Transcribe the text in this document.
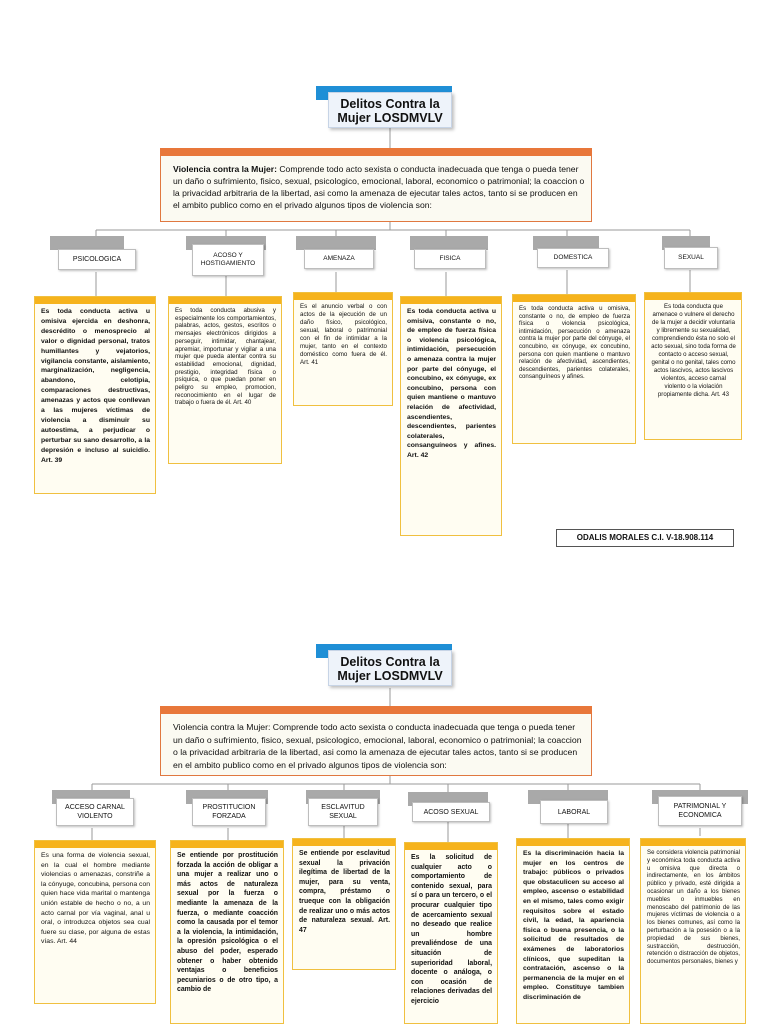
Delitos Contra la Mujer LOSDMVLV
Violencia contra la Mujer: Comprende todo acto sexista o conducta inadecuada que tenga o pueda tener un daño o sufrimiento, fisico, sexual, psicologico, emocional, laboral, economico o patrimonial; la coaccion o la privacidad arbitraria de la libertad, asi como la amenaza de ejecutar tales actos, tanto si se producen en el ambito publico como en el privado algunos tipos de violencia son:
PSICOLOGICA
ACOSO Y HOSTIGAMIENTO
AMENAZA	FISICA	DOMESTICA	SEXUAL
Es toda conducta activa u omisiva ejercida en deshonra, descrédito o menosprecio al valor o dignidad personal, tratos humillantes y vejatorios, vigilancia constante, aislamiento, marginalización, negligencia, abandono, celotipia, comparaciones destructivas, amenazas y actos que conllevan a las mujeres víctimas de violencia a disminuir su autoestima, a perjudicar o perturbar su sano desarrollo, a la depresión e incluso al suicidio. Art. 39
Es toda conducta abusiva y especialmente los comportamientos, palabras, actos, gestos, escritos o mensajes electrónicos dirigidos a perseguir, intimidar, chantajear, apremiar, importunar y vigilar a una mujer que pueda atentar contra su estabilidad emocional, dignidad, prestigio, integridad física o psíquica, o que puedan poner en peligro su empleo, promocion, reconocimiento en el lugar de trabajo o fuera de él. Art. 40
Es el anuncio verbal o con actos de la ejecución de un daño físico, psicológico, sexual, laboral o patrimonial con el fin de intimidar a la mujer, tanto en el contexto doméstico como fuera de él. Art. 41
Es toda conducta activa u omisiva, constante o no, de empleo de fuerza física o violencia psicológica, intimidación, persecución o amenaza contra la mujer por parte del cónyuge, el concubino, ex cónyuge, ex concubino, persona con quien mantiene o mantuvo relación de afectividad, ascendientes, descendientes, parientes colaterales, consanguíneos y afines. Art. 42
Es toda conducta activa u omisiva, constante o no, de empleo de fuerza física o violencia psicológica, intimidación, persecución o amenaza contra la mujer por parte del cónyuge, el concubino, ex cónyuge, ex concubino, persona con quien mantiene o mantuvo relación de afectividad, ascendientes, descendientes, parientes colaterales, consanguíneos y afines.
Es toda conducta que amenace o vulnere el derecho de la mujer a decidir voluntaria y libremente su sexualidad, comprendiendo ésta no solo el acto sexual, sino toda forma de contacto o acceso sexual, genital o no genital, tales como actos lascivos, actos lascivos violentos, acceso carnal violento o la violación propiamente dicha. Art. 43
ODALIS MORALES C.I. V-18.908.114
Delitos Contra la Mujer LOSDMVLV
Violencia contra la Mujer: Comprende todo acto sexista o conducta inadecuada que tenga o pueda tener un daño o sufrimiento, fisico, sexual, psicologico, emocional, laboral, economico o patrimonial; la coaccion o la privacidad arbitraria de la libertad, asi como la amenaza de ejecutar tales actos, tanto si se producen en el ambito publico como en el privado algunos tipos de violencia son:
ACCESO CARNAL VIOLENTO
PROSTITUCION FORZADA
ESCLAVITUD SEXUAL
ACOSO SEXUAL	LABORAL
PATRIMONIAL Y ECONOMICA
Es una forma de violencia sexual, en la cual el hombre mediante violencias o amenazas, constriñe a la cónyuge, concubina, persona con quien hace vida marital o mantenga unión estable de hecho o no, a un acto carnal por vía vaginal, anal u oral, o introduzca objetos sea cual fuere su clase, por alguna de estas vías. Art. 44
Se entiende por prostitución forzada la acción de obligar a una mujer a realizar uno o más actos de naturaleza sexual por la fuerza o mediante la amenaza de la fuerza, o mediante coacción como la causada por el temor a la violencia, la intimidación, la opresión psicológica o el abuso del poder, esperado obtener o haber obtenido ventajas o beneficios pecuniarios o de otro tipo, a cambio de
Se entiende por esclavitud sexual la privación ilegítima de libertad de la mujer, para su venta, compra, préstamo o trueque con la obligación de realizar uno o más actos de naturaleza sexual. Art. 47
Es la solicitud de cualquier acto o comportamiento de contenido sexual, para sí o para un tercero, o el procurar cualquier tipo de acercamiento sexual no deseado que realice un hombre prevaliéndose de una situación de superioridad laboral, docente o análoga, o con ocasión de relaciones derivadas del ejercicio
Es la discriminación hacia la mujer en los centros de trabajo: públicos o privados que obstaculicen su acceso al empleo, ascenso o estabilidad en el mismo, tales como exigir requisitos sobre el estado civil, la edad, la apariencia física o buena presencia, o la solicitud de resultados de exámenes de laboratorios clínicos, que supeditan la contratación, ascenso o la permanencia de la mujer en el empleo. Constituye tambien discriminación de
Se considera violencia patrimonial y económica toda conducta activa u omisiva que directa o indirectamente, en los ámbitos público y privado, esté dirigida a ocasionar un daño a los bienes muebles o inmuebles en menoscabo del patrimonio de las mujeres víctimas de violencia o a los bienes comunes, así como la perturbación a la posesión o a la propiedad de sus bienes, sustracción, destrucción, retención o distracción de objetos, documentos personales, bienes y
